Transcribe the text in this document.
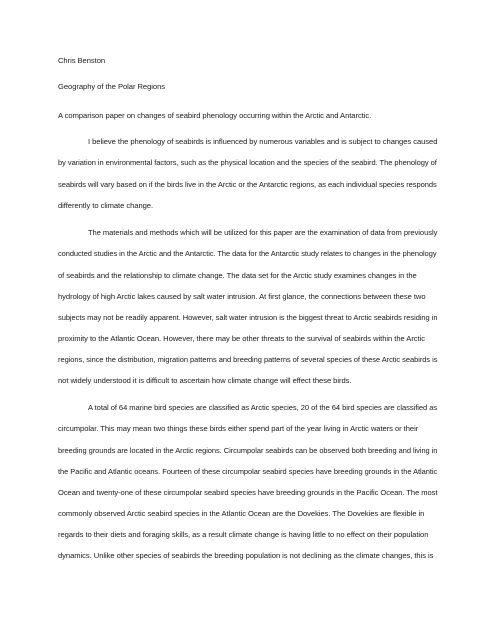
Chris Benston
Geography of the Polar Regions
A comparison paper on changes of seabird phenology occurring within the Arctic and Antarctic.
I believe the phenology of seabirds is influenced by numerous variables and is subject to changes caused
by variation in environmental factors, such as the physical location and the species of the seabird. The phenology of
seabirds will vary based on if the birds live in the Arctic or the Antarctic regions, as each individual species responds
differently to climate change.
The materials and methods which will be utilized for this paper are the examination of data from previously
conducted studies in the Arctic and the Antarctic. The data for the Antarctic study relates to changes in the phenology
of seabirds and the relationship to climate change. The data set for the Arctic study examines changes in the
hydrology of high Arctic lakes caused by salt water intrusion. At first glance, the connections between these two
subjects may not be readily apparent. However, salt water intrusion is the biggest threat to Arctic seabirds residing in
proximity to the Atlantic Ocean. However, there may be other threats to the survival of seabirds within the Arctic
regions, since the distribution, migration patterns and breeding patterns of several species of these Arctic seabirds is
not widely understood it is difficult to ascertain how climate change will effect these birds.
A total of 64 marine bird species are classified as Arctic species, 20 of the 64 bird species are classified as
circumpolar. This may mean two things these birds either spend part of the year living in Arctic waters or their
breeding grounds are located in the Arctic regions. Circumpolar seabirds can be observed both breeding and living in
the Pacific and Atlantic oceans. Fourteen of these circumpolar seabird species have breeding grounds in the Atlantic
Ocean and twenty-one of these circumpolar seabird species have breeding grounds in the Pacific Ocean. The most
commonly observed Arctic seabird species in the Atlantic Ocean are the Dovekies. The Dovekies are flexible in
regards to their diets and foraging skills, as a result climate change is having little to no effect on their population
dynamics. Unlike other species of seabirds the breeding population is not declining as the climate changes, this is
